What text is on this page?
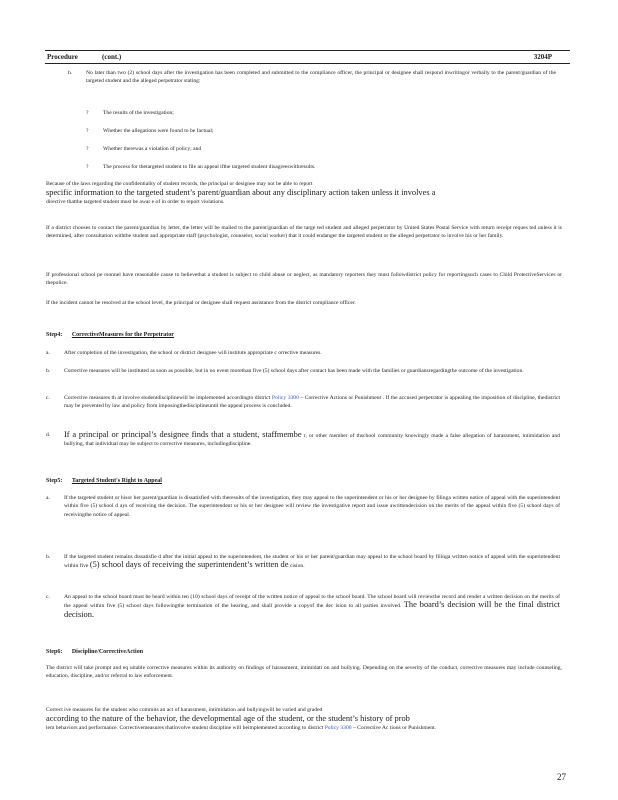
Procedure	(cont.)	3204P
h. No later than two (2) school days after the investigation has been completed and submitted to the compliance officer, the principal or designee shall respond inwritingor verbally to the parent/guardian of the targeted student and the alleged perpetrator stating:
?	The results of the investigation;
?	Whether the allegations were found to be factual;
?	Whether therewas a violation of policy; and
?	The process for thetargeted student to file an appeal ifthe targeted student disagreeswithresults.
Because of the laws regarding the confidentiality of student records, the principal or designee may not be able to report
specific information to the targeted student’s parent/guardian about any disciplinary action taken unless it involves a
directive thatthe targeted student must be awar e of in order to report violations.
If a district chooses to contact the parent/guardian by letter, the letter will be mailed to the parent/guardian of the targe ted student and alleged perpetrator by United States Postal Service with return receipt reques ted unless it is determined, after consultation withthe student and appropriate staff (psychologist, counselor, social worker) that it could endanger the targeted student or the alleged perpetrator to involve his or her family.
If professional school pe rsonnel have reasonable cause to believethat a student is subject to child abuse or neglect, as mandatory reporters they must followdistrict policy for reportingsuch cases to Child ProtectiveServices or thepolice.
If the incident cannot be resolved at the school level, the principal or designee shall request assistance from the district compliance officer.
Step4: CorrectiveMeasures for the Perpetrator
a.	After completion of the investigation, the school or district designee will institute appropriate c orrective measures.
b. Corrective measures will be instituted as soon as possible, but in no event morethan five (5) school days after contact has been made with the families or guardiansregardingthe outcome of the investigation.
c.	Corrective measures th at involve studentdisciplinewill be implemented accordingto district Policy 3300 – Corrective Actions or Punishment . If the accused perpetrator is appealing the imposition of discipline, thedistrict may be prevented by law and policy from imposingthedisciplineuntil the appeal process is concluded.
d. If a principal or principal’s designee finds that a student, staffmembe r, or other member of thschool community knowingly made a false allegation of harassment, intimidation and bullying, that individual may be subject to corrective measures, includingdiscipline.
Step5: Targeted Student's Right to Appeal
a.	If the targeted student or hisor her parent/guardian is dissatisfied with theresults of the investigation, they may appeal to the superintendent or his or her designee by filinga written notice of appeal with the superintendent within five (5) school d ays of receiving the decision. The superintendent or his or her designee will review the investigative report and issue awrittendecision on the merits of the appeal within five (5) school days of receivingthe notice of appeal.
b. If the targeted student remains dissatisfie d after the initial appeal to the superintendent, the student or his or her parent/guardian may appeal to the school board by filinga written notice of appeal with the superintendent within five (5) school days of receiving the superintendent’s written de cision.
c.	An appeal to the school board must be heard within ten (10) school days of receipt of the written notice of appeal to the school board. The school board will reviewthe record and render a written decision on the merits of the appeal within five (5) school days followingthe termination of the hearing, and shall provide a copyof the dec ision to all parties involved. The board’s decision will be the final district decision.
Step6: Discipline/CorrectiveAction
The district will take prompt and eq uitable corrective measures within its authority on findings of harassment, intimidati on and bullying. Depending on the severity of the conduct, corrective measures may include counseling, education, discipline, and/or referral to law enforcement.
Correct ive measures for the student who commits an act of harassment, intimidation and bullyingwill be varied and graded
according to the nature of the behavior, the developmental age of the student, or the student’s history of prob
lem behaviors and performance. Correctivemeasures thatinvolve student discipline will beimplemented according to district Policy 3300 – Corrective Ac tions or Punishment.
27
